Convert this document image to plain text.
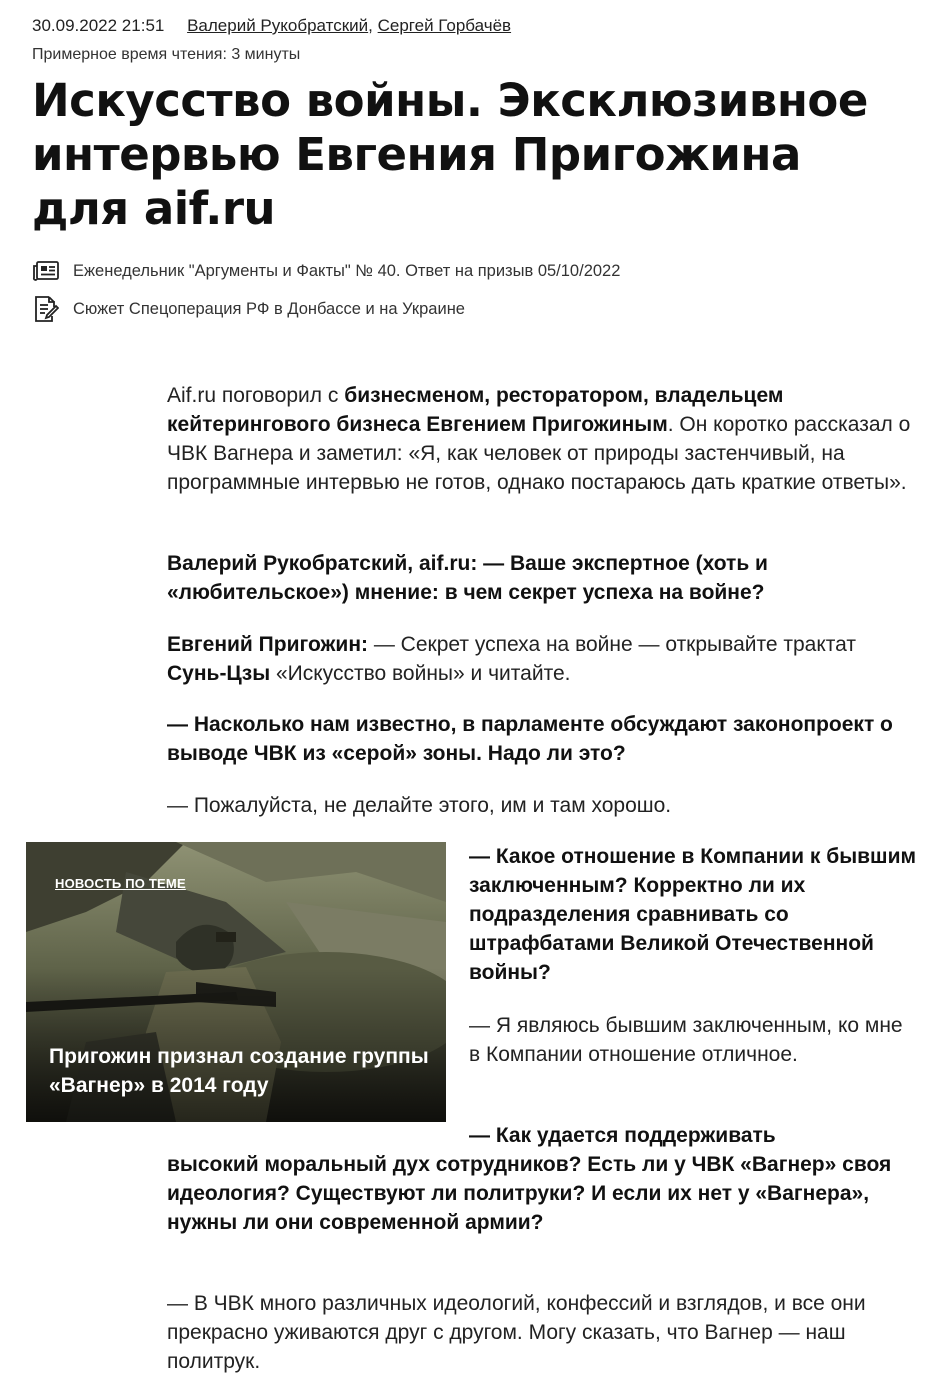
30.09.2022 21:51 Валерий Рукобратский, Сергей Горбачёв
Примерное время чтения: 3 минуты
Искусство войны. Эксклюзивное интервью Евгения Пригожина для aif.ru
Еженедельник "Аргументы и Факты" № 40. Ответ на призыв 05/10/2022
Сюжет Спецоперация РФ в Донбассе и на Украине

Aif.ru поговорил с бизнесменом, ресторатором, владельцем кейтерингового бизнеса Евгением Пригожиным. Он коротко рассказал о ЧВК Вагнера и заметил: «Я, как человек от природы застенчивый, на программные интервью не готов, однако постараюсь дать краткие ответы».

Валерий Рукобратский, aif.ru: — Ваше экспертное (хоть и «любительское») мнение: в чем секрет успеха на войне?

Евгений Пригожин: — Секрет успеха на войне — открывайте трактат Сунь-Цзы «Искусство войны» и читайте.

— Насколько нам известно, в парламенте обсуждают законопроект о выводе ЧВК из «серой» зоны. Надо ли это?

— Пожалуйста, не делайте этого, им и там хорошо.

НОВОСТЬ ПО ТЕМЕ
Пригожин признал создание группы «Вагнер» в 2014 году

— Какое отношение в Компании к бывшим заключенным? Корректно ли их подразделения сравнивать со штрафбатами Великой Отечественной войны?

— Я являюсь бывшим заключенным, ко мне в Компании отношение отличное.

— Как удается поддерживать

высокий моральный дух сотрудников? Есть ли у ЧВК «Вагнер» своя идеология? Существуют ли политруки? И если их нет у «Вагнера», нужны ли они современной армии?

— В ЧВК много различных идеологий, конфессий и взглядов, и все они прекрасно уживаются друг с другом. Могу сказать, что Вагнер — наш политрук.
